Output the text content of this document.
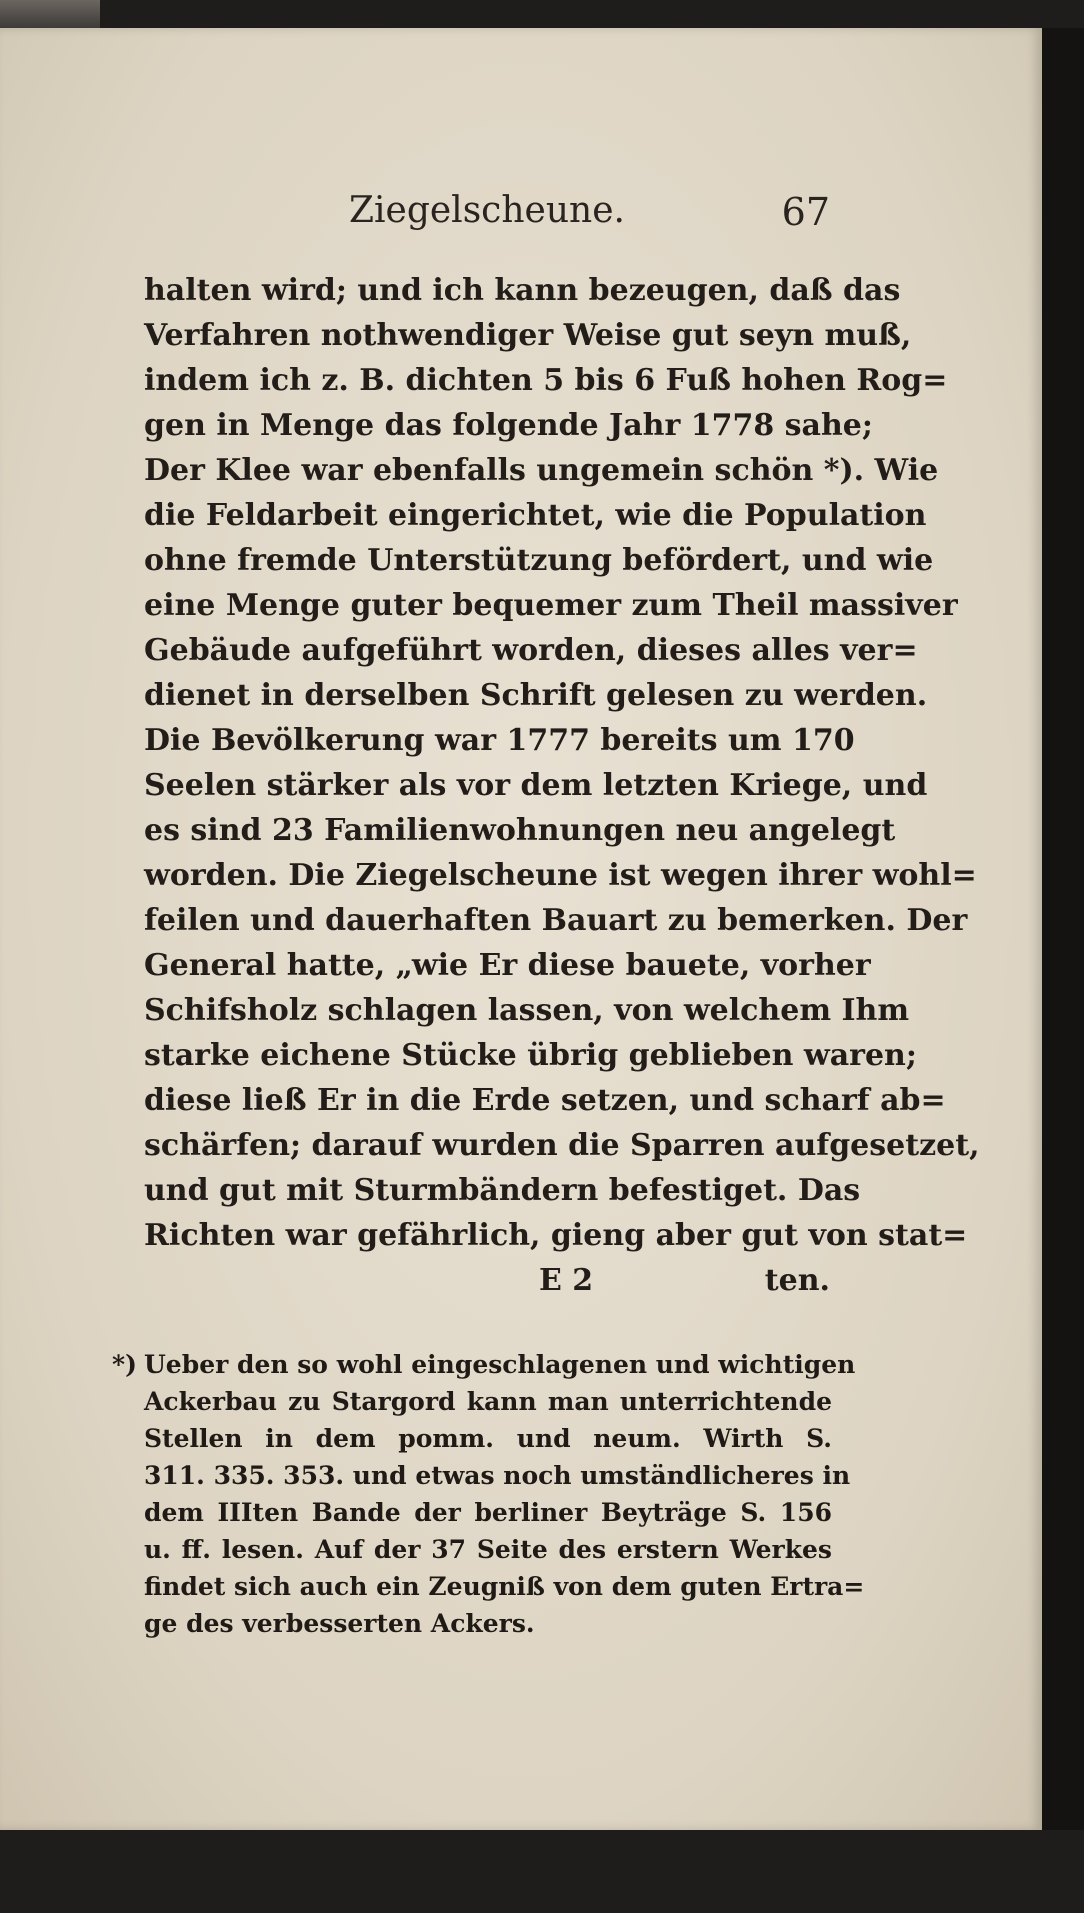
Ziegelscheune.	67
halten wird; und ich kann bezeugen, daß das
Verfahren nothwendiger Weise gut seyn muß,
indem ich z. B. dichten 5 bis 6 Fuß hohen Rog=
gen in Menge das folgende Jahr 1778 sahe;
Der Klee war ebenfalls ungemein schön *). Wie
die Feldarbeit eingerichtet, wie die Population
ohne fremde Unterstützung befördert, und wie
eine Menge guter bequemer zum Theil massiver
Gebäude aufgeführt worden, dieses alles ver=
dienet in derselben Schrift gelesen zu werden.
Die Bevölkerung war 1777 bereits um 170
Seelen stärker als vor dem letzten Kriege, und
es sind 23 Familienwohnungen neu angelegt
worden. Die Ziegelscheune ist wegen ihrer wohl=
feilen und dauerhaften Bauart zu bemerken. Der
General hatte, „wie Er diese bauete, vorher
Schifsholz schlagen lassen, von welchem Ihm
starke eichene Stücke übrig geblieben waren;
diese ließ Er in die Erde setzen, und scharf ab=
schärfen; darauf wurden die Sparren aufgesetzet,
und gut mit Sturmbändern befestiget. Das
Richten war gefährlich, gieng aber gut von stat=
E 2	ten.
*) Ueber den so wohl eingeschlagenen und wichtigen
Ackerbau zu Stargord kann man unterrichtende
Stellen in dem pomm. und neum. Wirth S.
311. 335. 353. und etwas noch umständlicheres in
dem IIIten Bande der berliner Beyträge S. 156
u. ff. lesen. Auf der 37 Seite des erstern Werkes
findet sich auch ein Zeugniß von dem guten Ertra=
ge des verbesserten Ackers.
